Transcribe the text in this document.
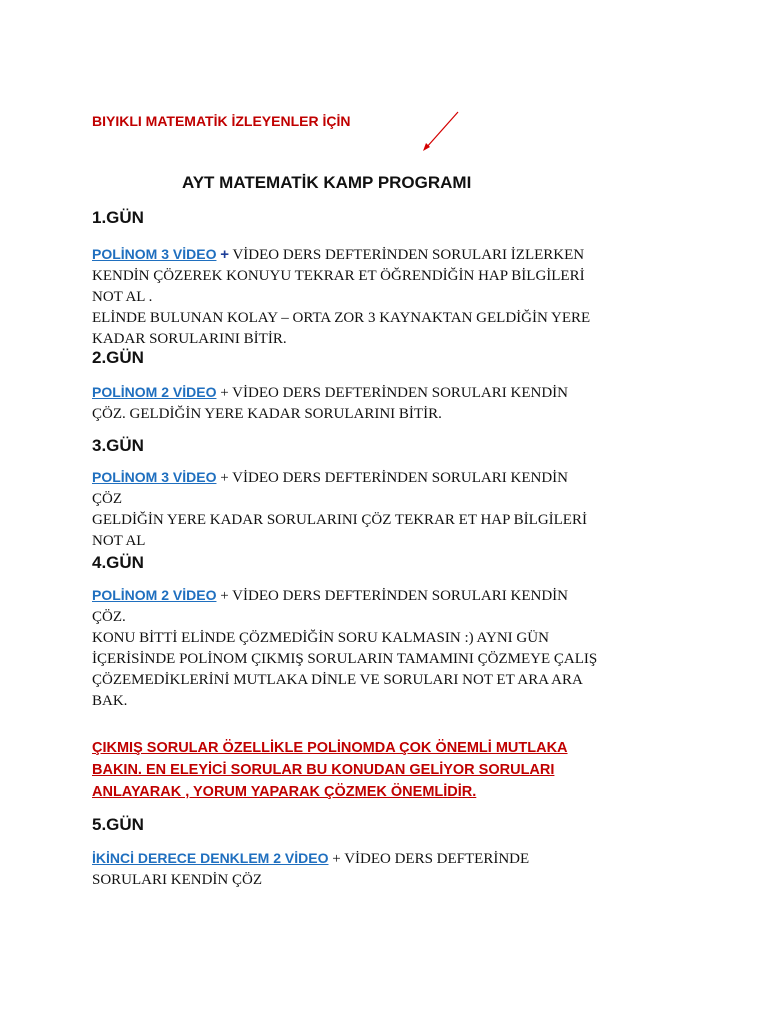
BIYIKLI MATEMATİK İZLEYENLER İÇİN
AYT MATEMATİK KAMP PROGRAMI
1.GÜN

POLİNOM 3 VİDEO + VİDEO DERS DEFTERİNDEN SORULARI İZLERKEN

KENDİN ÇÖZEREK KONUYU TEKRAR ET ÖĞRENDİĞİN HAP BİLGİLERİ

NOT AL .

ELİNDE BULUNAN KOLAY – ORTA ZOR 3 KAYNAKTAN GELDİĞİN YERE

KADAR SORULARINI BİTİR.

2.GÜN

POLİNOM 2 VİDEO + VİDEO DERS DEFTERİNDEN SORULARI KENDİN

ÇÖZ. GELDİĞİN YERE KADAR SORULARINI BİTİR.

3.GÜN

POLİNOM 3 VİDEO + VİDEO DERS DEFTERİNDEN SORULARI KENDİN

ÇÖZ

GELDİĞİN YERE KADAR SORULARINI ÇÖZ TEKRAR ET HAP BİLGİLERİ

NOT AL

4.GÜN

POLİNOM 2 VİDEO + VİDEO DERS DEFTERİNDEN SORULARI KENDİN

ÇÖZ.

KONU BİTTİ ELİNDE ÇÖZMEDİĞİN SORU KALMASIN :) AYNI GÜN

İÇERİSİNDE POLİNOM ÇIKMIŞ SORULARIN TAMAMINI ÇÖZMEYE ÇALIŞ

ÇÖZEMEDİKLERİNİ MUTLAKA DİNLE VE SORULARI NOT ET ARA ARA

BAK.

ÇIKMIŞ SORULAR ÖZELLİKLE POLİNOMDA ÇOK ÖNEMLİ MUTLAKA

BAKIN. EN ELEYİCİ SORULAR BU KONUDAN GELİYOR SORULARI

ANLAYARAK , YORUM YAPARAK ÇÖZMEK ÖNEMLİDİR.

5.GÜN

İKİNCİ DERECE DENKLEM 2 VİDEO + VİDEO DERS DEFTERİNDE

SORULARI KENDİN ÇÖZ
